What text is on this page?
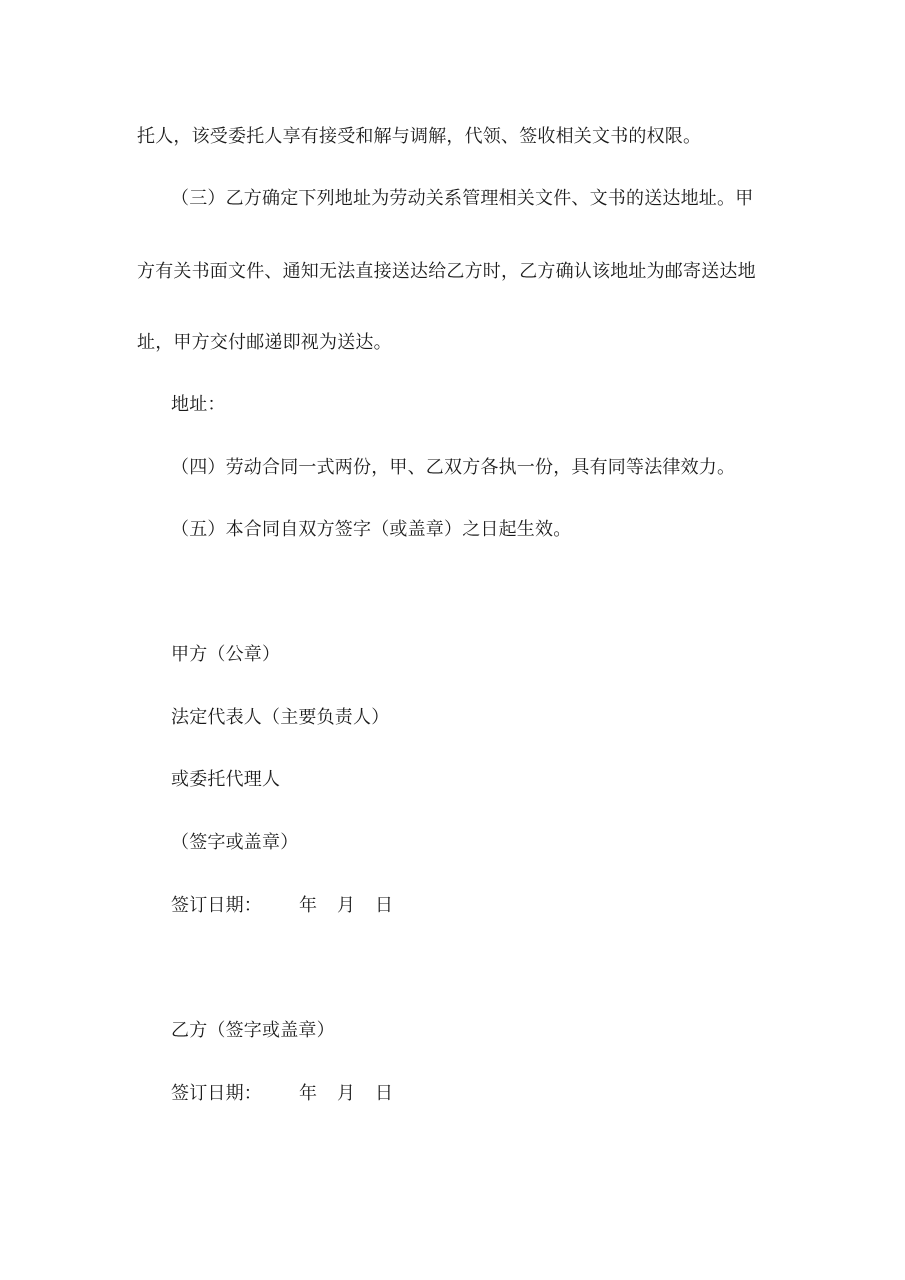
托人，该受委托人享有接受和解与调解，代领、签收相关文书的权限。
（三）乙方确定下列地址为劳动关系管理相关文件、文书的送达地址。甲
方有关书面文件、通知无法直接送达给乙方时，乙方确认该地址为邮寄送达地
址，甲方交付邮递即视为送达。
地址：
（四）劳动合同一式两份，甲、乙双方各执一份，具有同等法律效力。
（五）本合同自双方签字（或盖章）之日起生效。
甲方（公章）
法定代表人（主要负责人）
或委托代理人
（签字或盖章）
签订日期： 年 月 日
乙方（签字或盖章）
签订日期： 年 月 日
